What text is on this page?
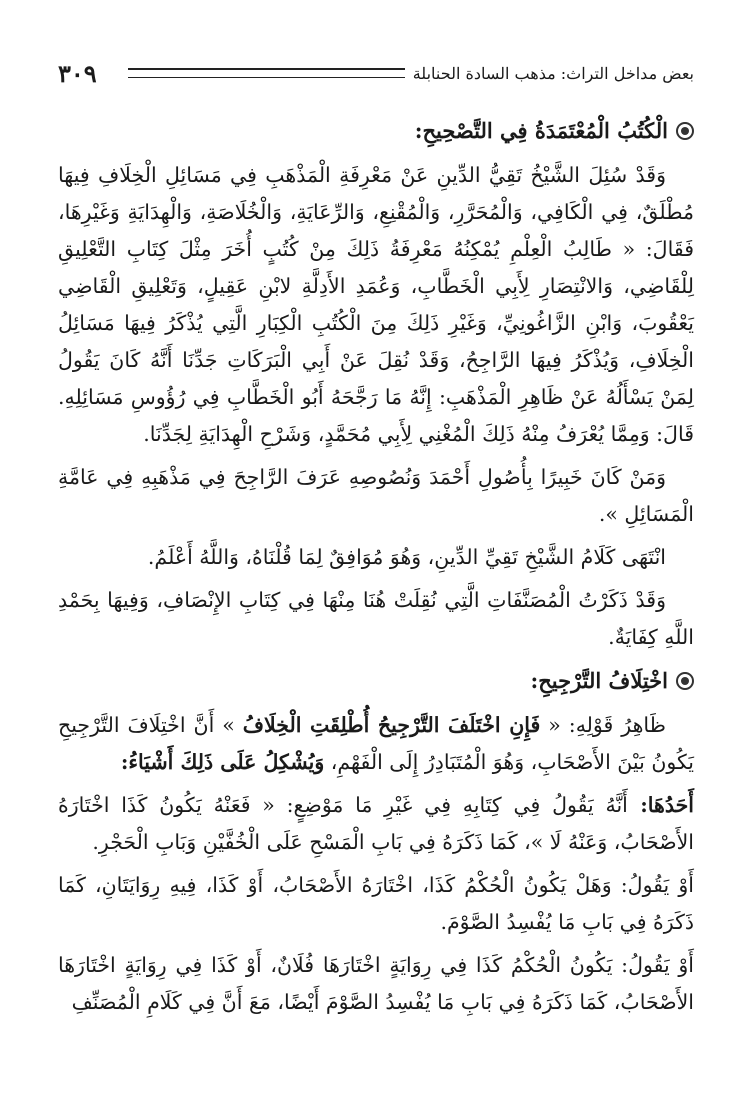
٣٠٩	بعض مداخل التراث: مذهب السادة الحنابلة
الْكُتُبُ الْمُعْتَمَدَةُ فِي التَّصْحِيحِ:

وَقَدْ سُئِلَ الشَّيْخُ تَقِيُّ الدِّينِ عَنْ مَعْرِفَةِ الْمَذْهَبِ فِي مَسَائِلِ الْخِلَافِ فِيهَا مُطْلَقٌ، فِي الْكَافِي، وَالْمُحَرَّرِ، وَالْمُقْنِعِ، وَالرِّعَايَةِ، وَالْخُلَاصَةِ، وَالْهِدَايَةِ وَغَيْرِهَا، فَقَالَ: « طَالِبُ الْعِلْمِ يُمْكِنُهُ مَعْرِفَةُ ذَلِكَ مِنْ كُتُبٍ أُخَرَ مِثْلَ كِتَابِ التَّعْلِيقِ لِلْقَاضِي، وَالانْتِصَارِ لِأَبِي الْخَطَّابِ، وَعُمَدِ الأَدِلَّةِ لابْنِ عَقِيلٍ، وَتَعْلِيقِ الْقَاضِي يَعْقُوبَ، وَابْنِ الزَّاغُونِيِّ، وَغَيْرِ ذَلِكَ مِنَ الْكُتُبِ الْكِبَارِ الَّتِي يُذْكَرُ فِيهَا مَسَائِلُ الْخِلَافِ، وَيُذْكَرُ فِيهَا الرَّاجِحُ، وَقَدْ نُقِلَ عَنْ أَبِي الْبَرَكَاتِ جَدِّنَا أَنَّهُ كَانَ يَقُولُ لِمَنْ يَسْأَلُهُ عَنْ ظَاهِرِ الْمَذْهَبِ: إِنَّهُ مَا رَجَّحَهُ أَبُو الْخَطَّابِ فِي رُؤُوسِ مَسَائِلِهِ. قَالَ: وَمِمَّا يُعْرَفُ مِنْهُ ذَلِكَ الْمُغْنِي لِأَبِي مُحَمَّدٍ، وَشَرْحِ الْهِدَايَةِ لِجَدِّنَا.

وَمَنْ كَانَ خَبِيرًا بِأُصُولِ أَحْمَدَ وَنُصُوصِهِ عَرَفَ الرَّاجِحَ فِي مَذْهَبِهِ فِي عَامَّةِ الْمَسَائِلِ ».

انْتَهَى كَلَامُ الشَّيْخِ تَقِيِّ الدِّينِ، وَهُوَ مُوَافِقٌ لِمَا قُلْنَاهُ، وَاللَّهُ أَعْلَمُ.

وَقَدْ ذَكَرْتُ الْمُصَنَّفَاتِ الَّتِي نُقِلَتْ هُنَا مِنْهَا فِي كِتَابِ الإِنْصَافِ، وَفِيهَا بِحَمْدِ اللَّهِ كِفَايَةٌ.

اخْتِلَافُ التَّرْجِيحِ:

ظَاهِرُ قَوْلِهِ: « فَإِنِ اخْتَلَفَ التَّرْجِيحُ أُطْلِقَتِ الْخِلَافُ » أَنَّ اخْتِلَافَ التَّرْجِيحِ يَكُونُ بَيْنَ الأَصْحَابِ، وَهُوَ الْمُتَبَادِرُ إِلَى الْفَهْمِ، وَيُشْكِلُ عَلَى ذَلِكَ أَشْيَاءُ:

أَحَدُهَا: أَنَّهُ يَقُولُ فِي كِتَابِهِ فِي غَيْرِ مَا مَوْضِعٍ: « فَعَنْهُ يَكُونُ كَذَا اخْتَارَهُ الأَصْحَابُ، وَعَنْهُ لَا »، كَمَا ذَكَرَهُ فِي بَابِ الْمَسْحِ عَلَى الْخُفَّيْنِ وَبَابِ الْحَجْرِ.

أَوْ يَقُولُ: وَهَلْ يَكُونُ الْحُكْمُ كَذَا، اخْتَارَهُ الأَصْحَابُ، أَوْ كَذَا، فِيهِ رِوَايَتَانِ، كَمَا ذَكَرَهُ فِي بَابِ مَا يُفْسِدُ الصَّوْمَ.

أَوْ يَقُولُ: يَكُونُ الْحُكْمُ كَذَا فِي رِوَايَةٍ اخْتَارَهَا فُلَانٌ، أَوْ كَذَا فِي رِوَايَةٍ اخْتَارَهَا الأَصْحَابُ، كَمَا ذَكَرَهُ فِي بَابِ مَا يُفْسِدُ الصَّوْمَ أَيْضًا، مَعَ أَنَّ فِي كَلَامِ الْمُصَنِّفِ
